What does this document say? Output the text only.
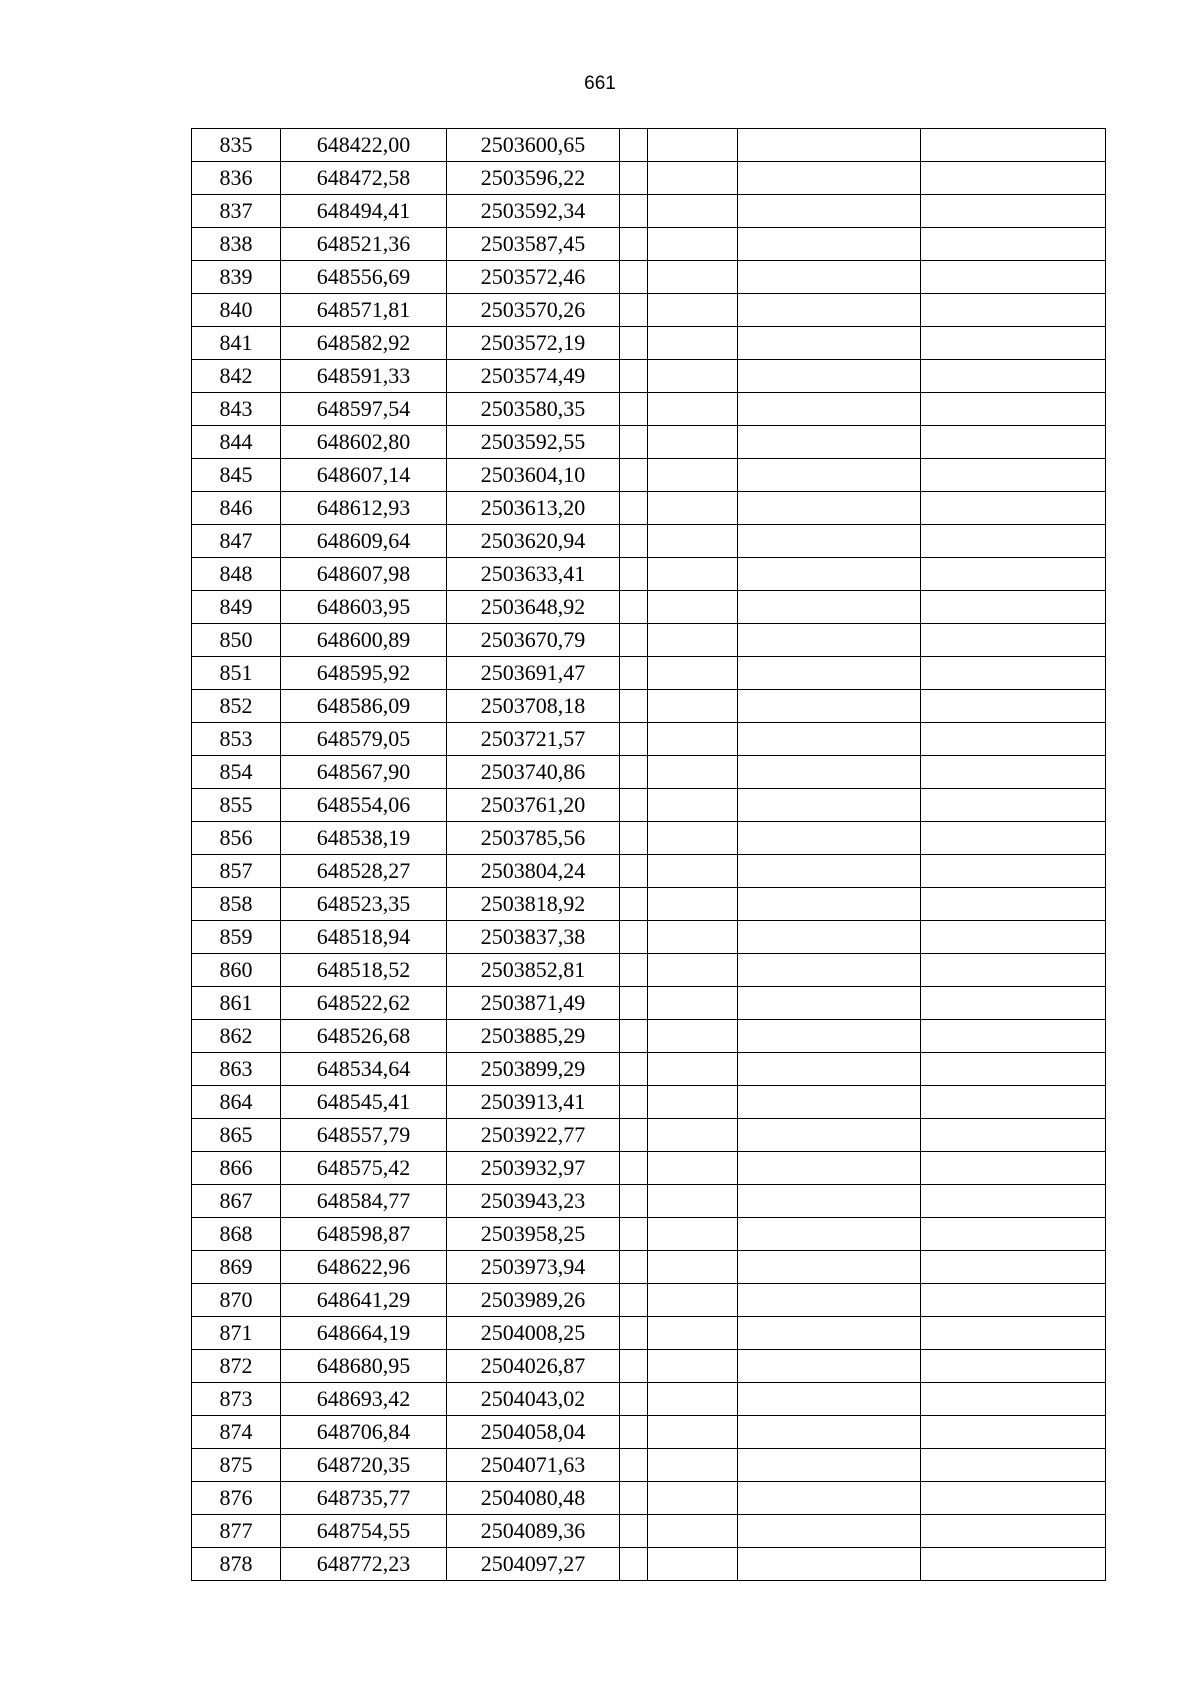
661
835	648422,00	2503600,65				
836	648472,58	2503596,22				
837	648494,41	2503592,34				
838	648521,36	2503587,45				
839	648556,69	2503572,46				
840	648571,81	2503570,26				
841	648582,92	2503572,19				
842	648591,33	2503574,49				
843	648597,54	2503580,35				
844	648602,80	2503592,55				
845	648607,14	2503604,10				
846	648612,93	2503613,20				
847	648609,64	2503620,94				
848	648607,98	2503633,41				
849	648603,95	2503648,92				
850	648600,89	2503670,79				
851	648595,92	2503691,47				
852	648586,09	2503708,18				
853	648579,05	2503721,57				
854	648567,90	2503740,86				
855	648554,06	2503761,20				
856	648538,19	2503785,56				
857	648528,27	2503804,24				
858	648523,35	2503818,92				
859	648518,94	2503837,38				
860	648518,52	2503852,81				
861	648522,62	2503871,49				
862	648526,68	2503885,29				
863	648534,64	2503899,29				
864	648545,41	2503913,41				
865	648557,79	2503922,77				
866	648575,42	2503932,97				
867	648584,77	2503943,23				
868	648598,87	2503958,25				
869	648622,96	2503973,94				
870	648641,29	2503989,26				
871	648664,19	2504008,25				
872	648680,95	2504026,87				
873	648693,42	2504043,02				
874	648706,84	2504058,04				
875	648720,35	2504071,63				
876	648735,77	2504080,48				
877	648754,55	2504089,36				
878	648772,23	2504097,27				
